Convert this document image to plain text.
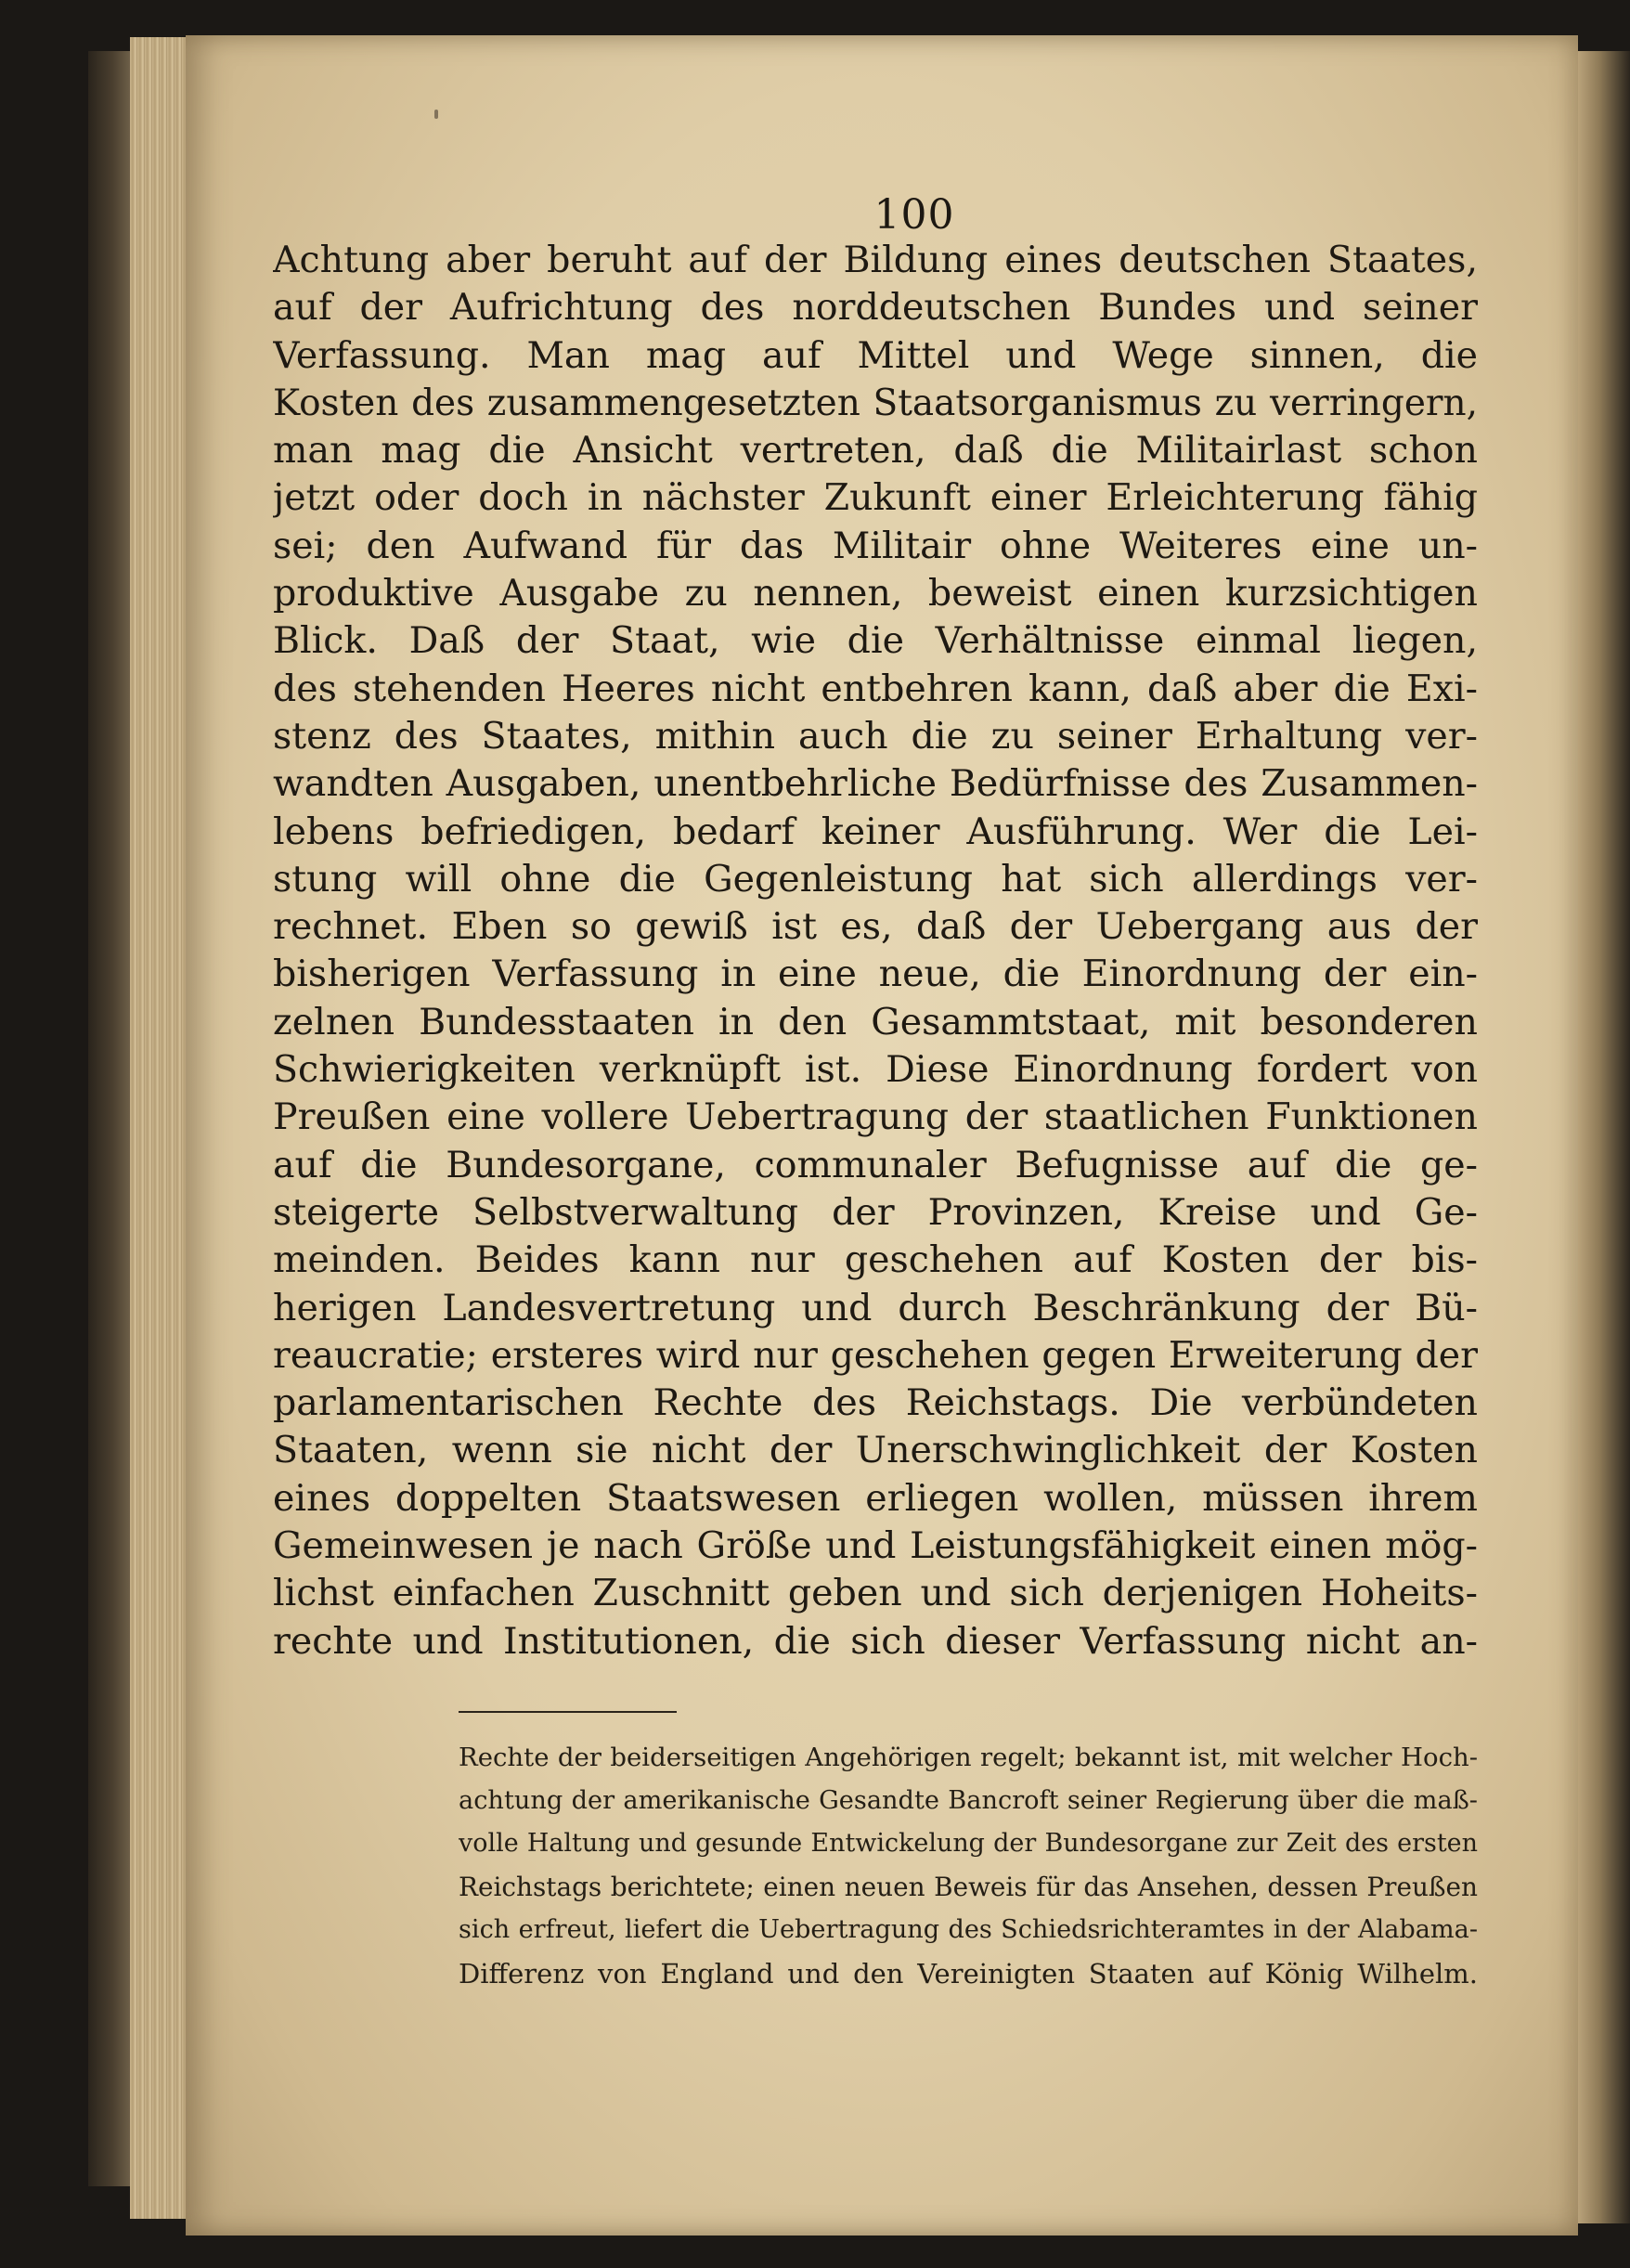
100
Achtung aber beruht auf der Bildung eines deutschen Staates,
auf der Aufrichtung des norddeutschen Bundes und seiner
Verfassung. Man mag auf Mittel und Wege sinnen, die
Kosten des zusammengesetzten Staatsorganismus zu verringern,
man mag die Ansicht vertreten, daß die Militairlast schon
jetzt oder doch in nächster Zukunft einer Erleichterung fähig
sei; den Aufwand für das Militair ohne Weiteres eine un-
produktive Ausgabe zu nennen, beweist einen kurzsichtigen
Blick. Daß der Staat, wie die Verhältnisse einmal liegen,
des stehenden Heeres nicht entbehren kann, daß aber die Exi-
stenz des Staates, mithin auch die zu seiner Erhaltung ver-
wandten Ausgaben, unentbehrliche Bedürfnisse des Zusammen-
lebens befriedigen, bedarf keiner Ausführung. Wer die Lei-
stung will ohne die Gegenleistung hat sich allerdings ver-
rechnet. Eben so gewiß ist es, daß der Uebergang aus der
bisherigen Verfassung in eine neue, die Einordnung der ein-
zelnen Bundesstaaten in den Gesammtstaat, mit besonderen
Schwierigkeiten verknüpft ist. Diese Einordnung fordert von
Preußen eine vollere Uebertragung der staatlichen Funktionen
auf die Bundesorgane, communaler Befugnisse auf die ge-
steigerte Selbstverwaltung der Provinzen, Kreise und Ge-
meinden. Beides kann nur geschehen auf Kosten der bis-
herigen Landesvertretung und durch Beschränkung der Bü-
reaucratie; ersteres wird nur geschehen gegen Erweiterung der
parlamentarischen Rechte des Reichstags. Die verbündeten
Staaten, wenn sie nicht der Unerschwinglichkeit der Kosten
eines doppelten Staatswesen erliegen wollen, müssen ihrem
Gemeinwesen je nach Größe und Leistungsfähigkeit einen mög-
lichst einfachen Zuschnitt geben und sich derjenigen Hoheits-
rechte und Institutionen, die sich dieser Verfassung nicht an-
Rechte der beiderseitigen Angehörigen regelt; bekannt ist, mit welcher Hoch-
achtung der amerikanische Gesandte Bancroft seiner Regierung über die maß-
volle Haltung und gesunde Entwickelung der Bundesorgane zur Zeit des ersten
Reichstags berichtete; einen neuen Beweis für das Ansehen, dessen Preußen
sich erfreut, liefert die Uebertragung des Schiedsrichteramtes in der Alabama-
Differenz von England und den Vereinigten Staaten auf König Wilhelm.
